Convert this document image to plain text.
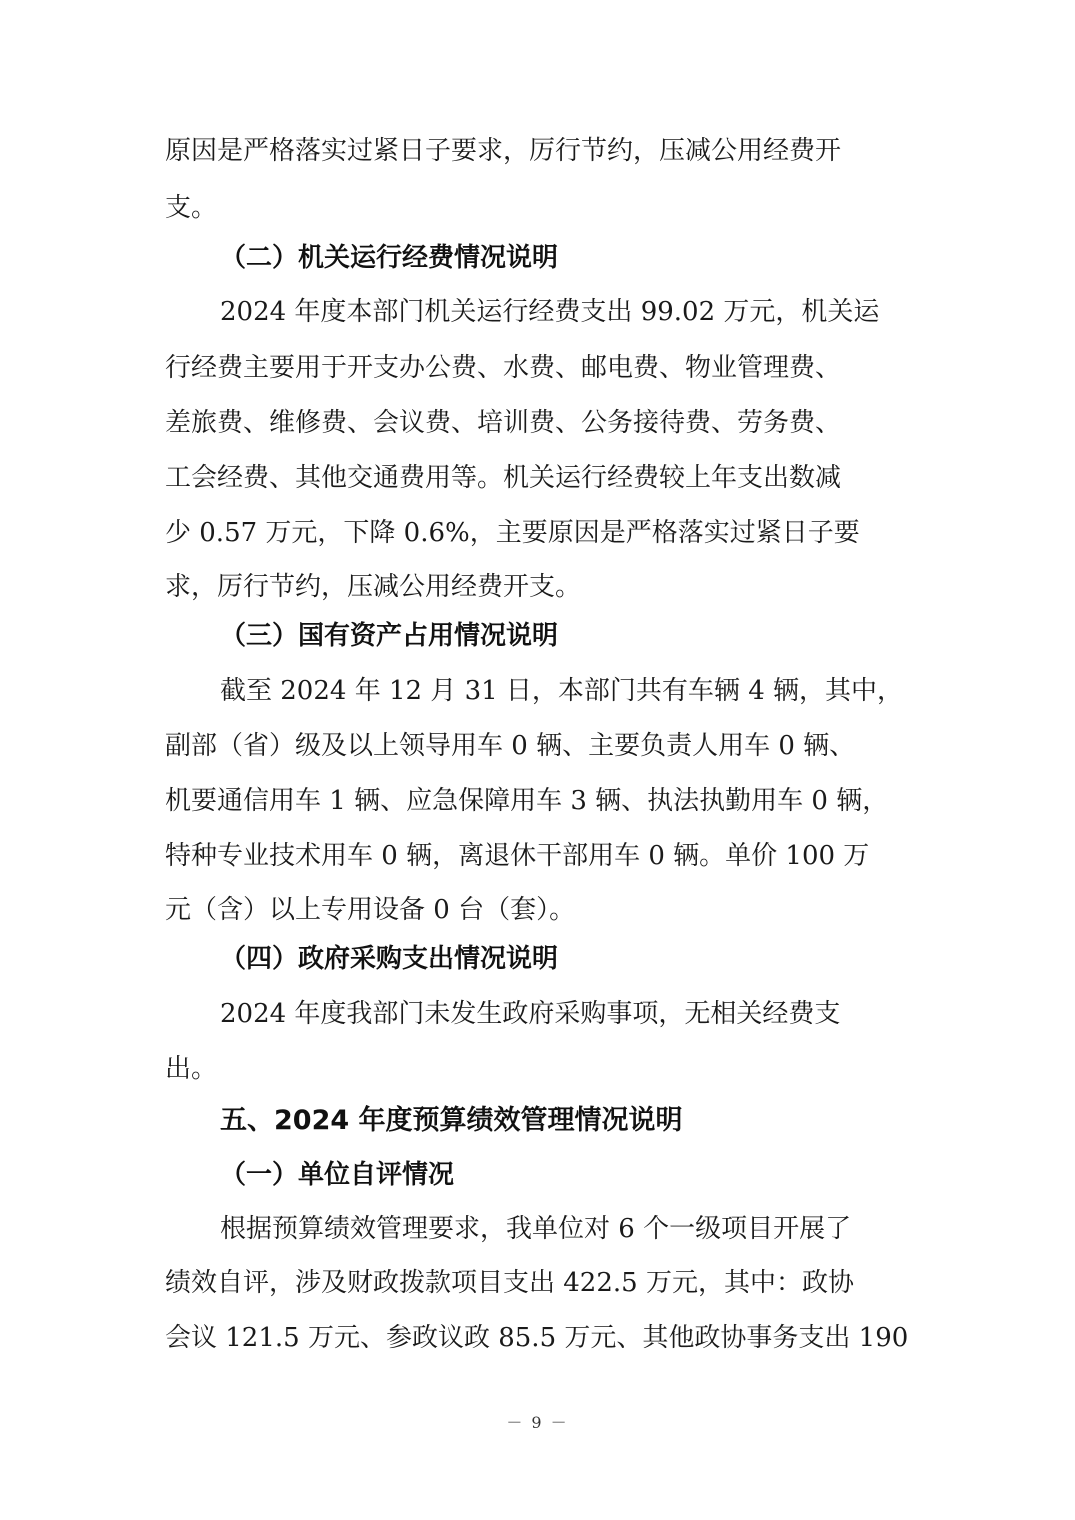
原因是严格落实过紧日子要求，厉行节约，压减公用经费开
支。
（二）机关运行经费情况说明
2024 年度本部门机关运行经费支出 99.02 万元，机关运
行经费主要用于开支办公费、水费、邮电费、物业管理费、
差旅费、维修费、会议费、培训费、公务接待费、劳务费、
工会经费、其他交通费用等。机关运行经费较上年支出数减
少 0.57 万元，下降 0.6%，主要原因是严格落实过紧日子要
求，厉行节约，压减公用经费开支。
（三）国有资产占用情况说明
截至 2024 年 12 月 31 日，本部门共有车辆 4 辆，其中，
副部（省）级及以上领导用车 0 辆、主要负责人用车 0 辆、
机要通信用车 1 辆、应急保障用车 3 辆、执法执勤用车 0 辆，
特种专业技术用车 0 辆，离退休干部用车 0 辆。单价 100 万
元（含）以上专用设备 0 台（套）。
（四）政府采购支出情况说明
2024 年度我部门未发生政府采购事项，无相关经费支
出。
五、2024 年度预算绩效管理情况说明
（一）单位自评情况
根据预算绩效管理要求，我单位对 6 个一级项目开展了
绩效自评，涉及财政拨款项目支出 422.5 万元，其中：政协
会议 121.5 万元、参政议政 85.5 万元、其他政协事务支出 190
－ 9 －
